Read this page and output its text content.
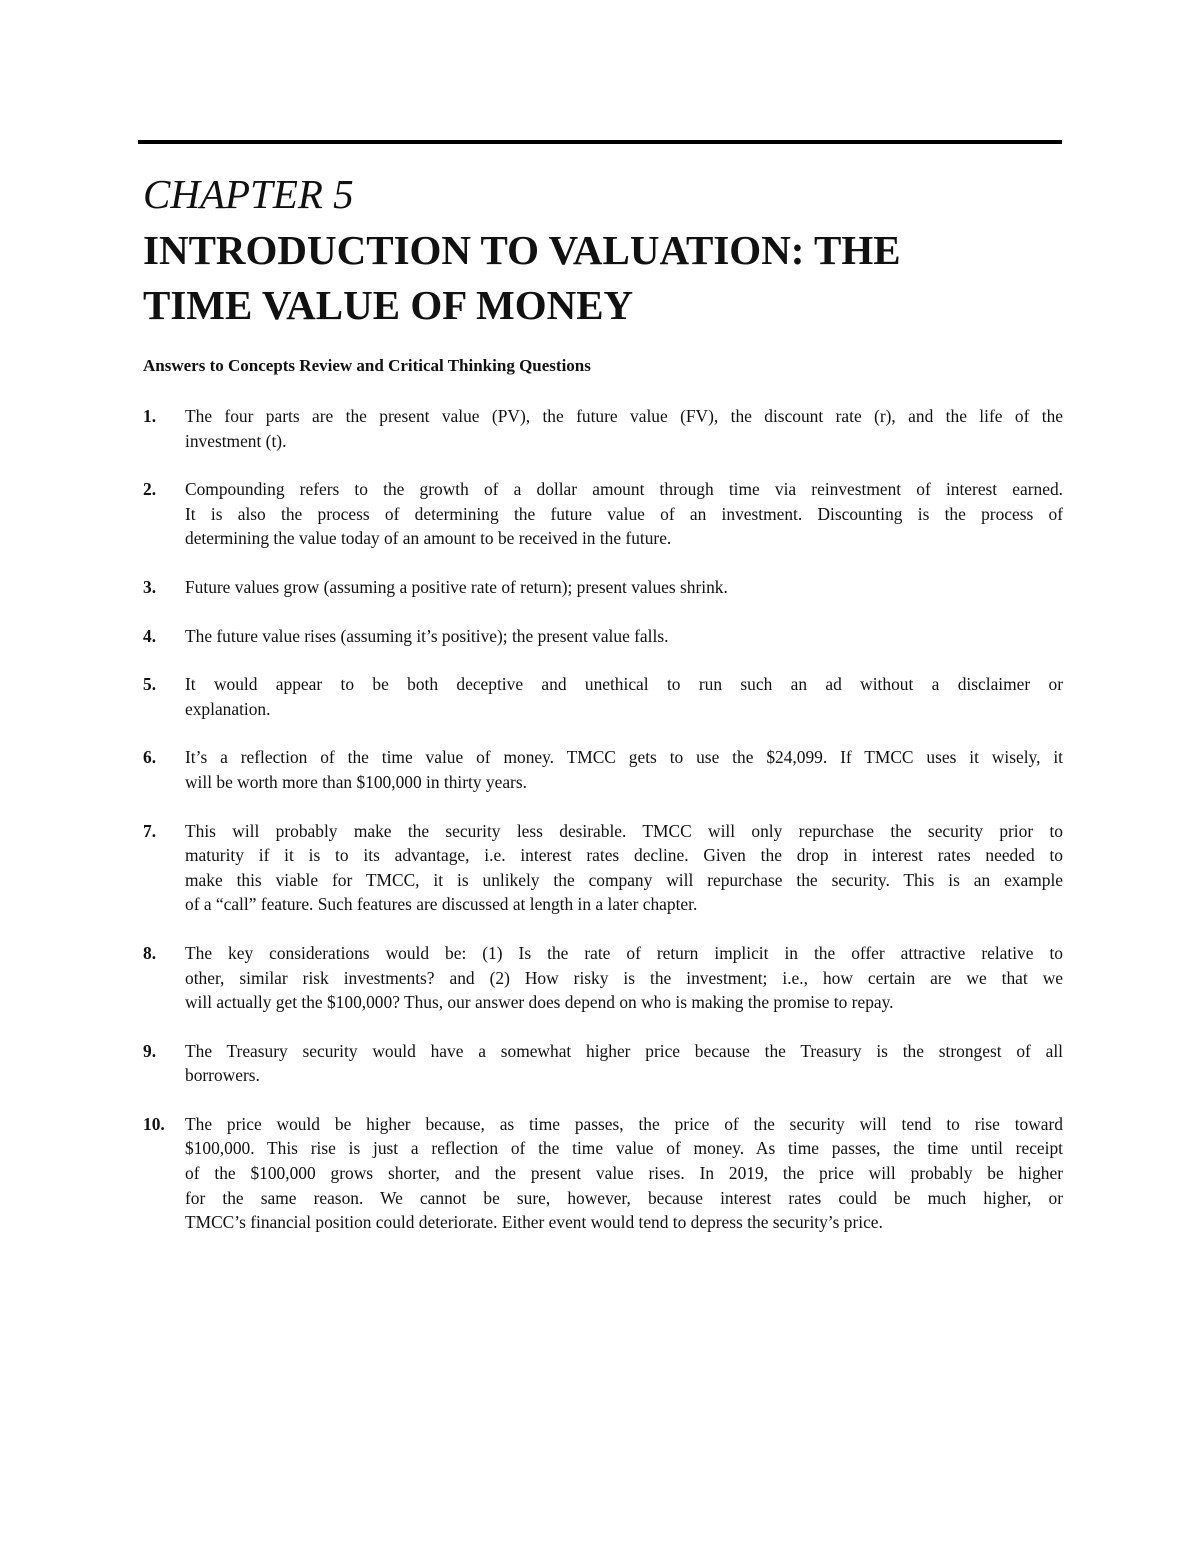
CHAPTER 5
INTRODUCTION TO VALUATION: THE
TIME VALUE OF MONEY
Answers to Concepts Review and Critical Thinking Questions
1. The four parts are the present value (PV), the future value (FV), the discount rate (r), and the life of the
investment (t).
2. Compounding refers to the growth of a dollar amount through time via reinvestment of interest earned.
It is also the process of determining the future value of an investment. Discounting is the process of
determining the value today of an amount to be received in the future.
3. Future values grow (assuming a positive rate of return); present values shrink.
4. The future value rises (assuming it’s positive); the present value falls.
5. It would appear to be both deceptive and unethical to run such an ad without a disclaimer or
explanation.
6. It’s a reflection of the time value of money. TMCC gets to use the $24,099. If TMCC uses it wisely, it
will be worth more than $100,000 in thirty years.
7. This will probably make the security less desirable. TMCC will only repurchase the security prior to
maturity if it is to its advantage, i.e. interest rates decline. Given the drop in interest rates needed to
make this viable for TMCC, it is unlikely the company will repurchase the security. This is an example
of a “call” feature. Such features are discussed at length in a later chapter.
8. The key considerations would be: (1) Is the rate of return implicit in the offer attractive relative to
other, similar risk investments? and (2) How risky is the investment; i.e., how certain are we that we
will actually get the $100,000? Thus, our answer does depend on who is making the promise to repay.
9. The Treasury security would have a somewhat higher price because the Treasury is the strongest of all
borrowers.
10. The price would be higher because, as time passes, the price of the security will tend to rise toward
$100,000. This rise is just a reflection of the time value of money. As time passes, the time until receipt
of the $100,000 grows shorter, and the present value rises. In 2019, the price will probably be higher
for the same reason. We cannot be sure, however, because interest rates could be much higher, or
TMCC’s financial position could deteriorate. Either event would tend to depress the security’s price.
